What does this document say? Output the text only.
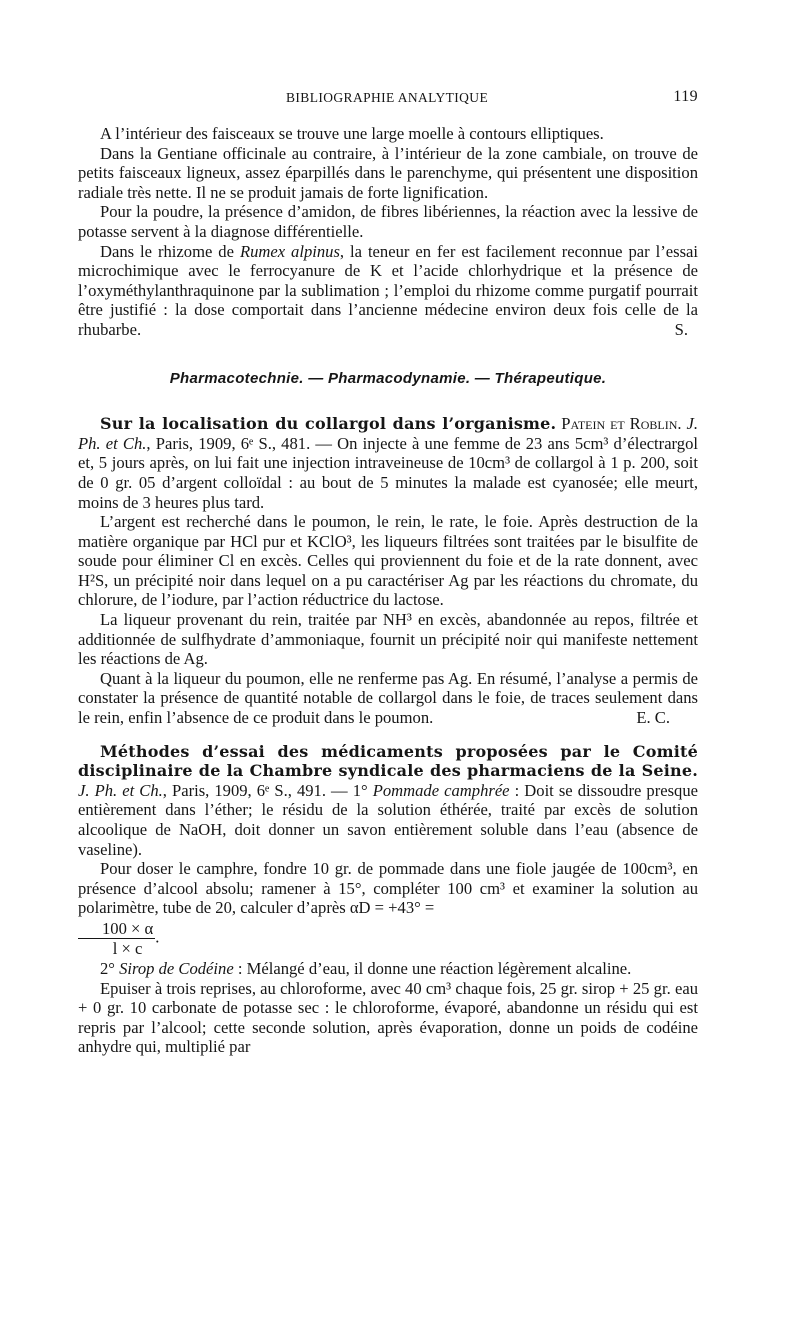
BIBLIOGRAPHIE ANALYTIQUE	119

A l’intérieur des faisceaux se trouve une large moelle à contours elliptiques.

Dans la Gentiane officinale au contraire, à l’intérieur de la zone cambiale, on trouve de petits faisceaux ligneux, assez éparpillés dans le parenchyme, qui présentent une disposition radiale très nette. Il ne se produit jamais de forte lignification.

Pour la poudre, la présence d’amidon, de fibres libériennes, la réaction avec la lessive de potasse servent à la diagnose différentielle.

Dans le rhizome de Rumex alpinus, la teneur en fer est facilement reconnue par l’essai microchimique avec le ferrocyanure de K et l’acide chlorhydrique et la présence de l’oxyméthylanthraquinone par la sublimation ; l’emploi du rhizome comme purgatif pourrait être justifié : la dose comportait dans l’ancienne médecine environ deux fois celle de la rhubarbe.	S.

Pharmacotechnie. — Pharmacodynamie. — Thérapeutique.

Sur la localisation du collargol dans l’organisme. Patein et Roblin. J. Ph. et Ch., Paris, 1909, 6ᵉ S., 481. — On injecte à une femme de 23 ans 5cm³ d’électrargol et, 5 jours après, on lui fait une injection intraveineuse de 10cm³ de collargol à 1 p. 200, soit de 0 gr. 05 d’argent colloïdal : au bout de 5 minutes la malade est cyanosée; elle meurt, moins de 3 heures plus tard.

L’argent est recherché dans le poumon, le rein, le rate, le foie. Après destruction de la matière organique par HCl pur et KClO³, les liqueurs filtrées sont traitées par le bisulfite de soude pour éliminer Cl en excès. Celles qui proviennent du foie et de la rate donnent, avec H²S, un précipité noir dans lequel on a pu caractériser Ag par les réactions du chromate, du chlorure, de l’iodure, par l’action réductrice du lactose.

La liqueur provenant du rein, traitée par NH³ en excès, abandonnée au repos, filtrée et additionnée de sulfhydrate d’ammoniaque, fournit un précipité noir qui manifeste nettement les réactions de Ag.

Quant à la liqueur du poumon, elle ne renferme pas Ag. En résumé, l’analyse a permis de constater la présence de quantité notable de collargol dans le foie, de traces seulement dans le rein, enfin l’absence de ce produit dans le poumon.	E. C.

Méthodes d’essai des médicaments proposées par le Comité disciplinaire de la Chambre syndicale des pharmaciens de la Seine. J. Ph. et Ch., Paris, 1909, 6ᵉ S., 491. — 1° Pommade camphrée : Doit se dissoudre presque entièrement dans l’éther; le résidu de la solution éthérée, traité par excès de solution alcoolique de NaOH, doit donner un savon entièrement soluble dans l’eau (absence de vaseline).

Pour doser le camphre, fondre 10 gr. de pommade dans une fiole jaugée de 100cm³, en présence d’alcool absolu; ramener à 15°, compléter 100 cm³ et examiner la solution au polarimètre, tube de 20, calculer d’après αD = +43° =

$\frac{100 \times \alpha}{l \times c}$ .

2° Sirop de Codéine : Mélangé d’eau, il donne une réaction légèrement alcaline.

Epuiser à trois reprises, au chloroforme, avec 40 cm³ chaque fois, 25 gr. sirop + 25 gr. eau + 0 gr. 10 carbonate de potasse sec : le chloroforme, évaporé, abandonne un résidu qui est repris par l’alcool; cette seconde solution, après évaporation, donne un poids de codéine anhydre qui, multiplié par
